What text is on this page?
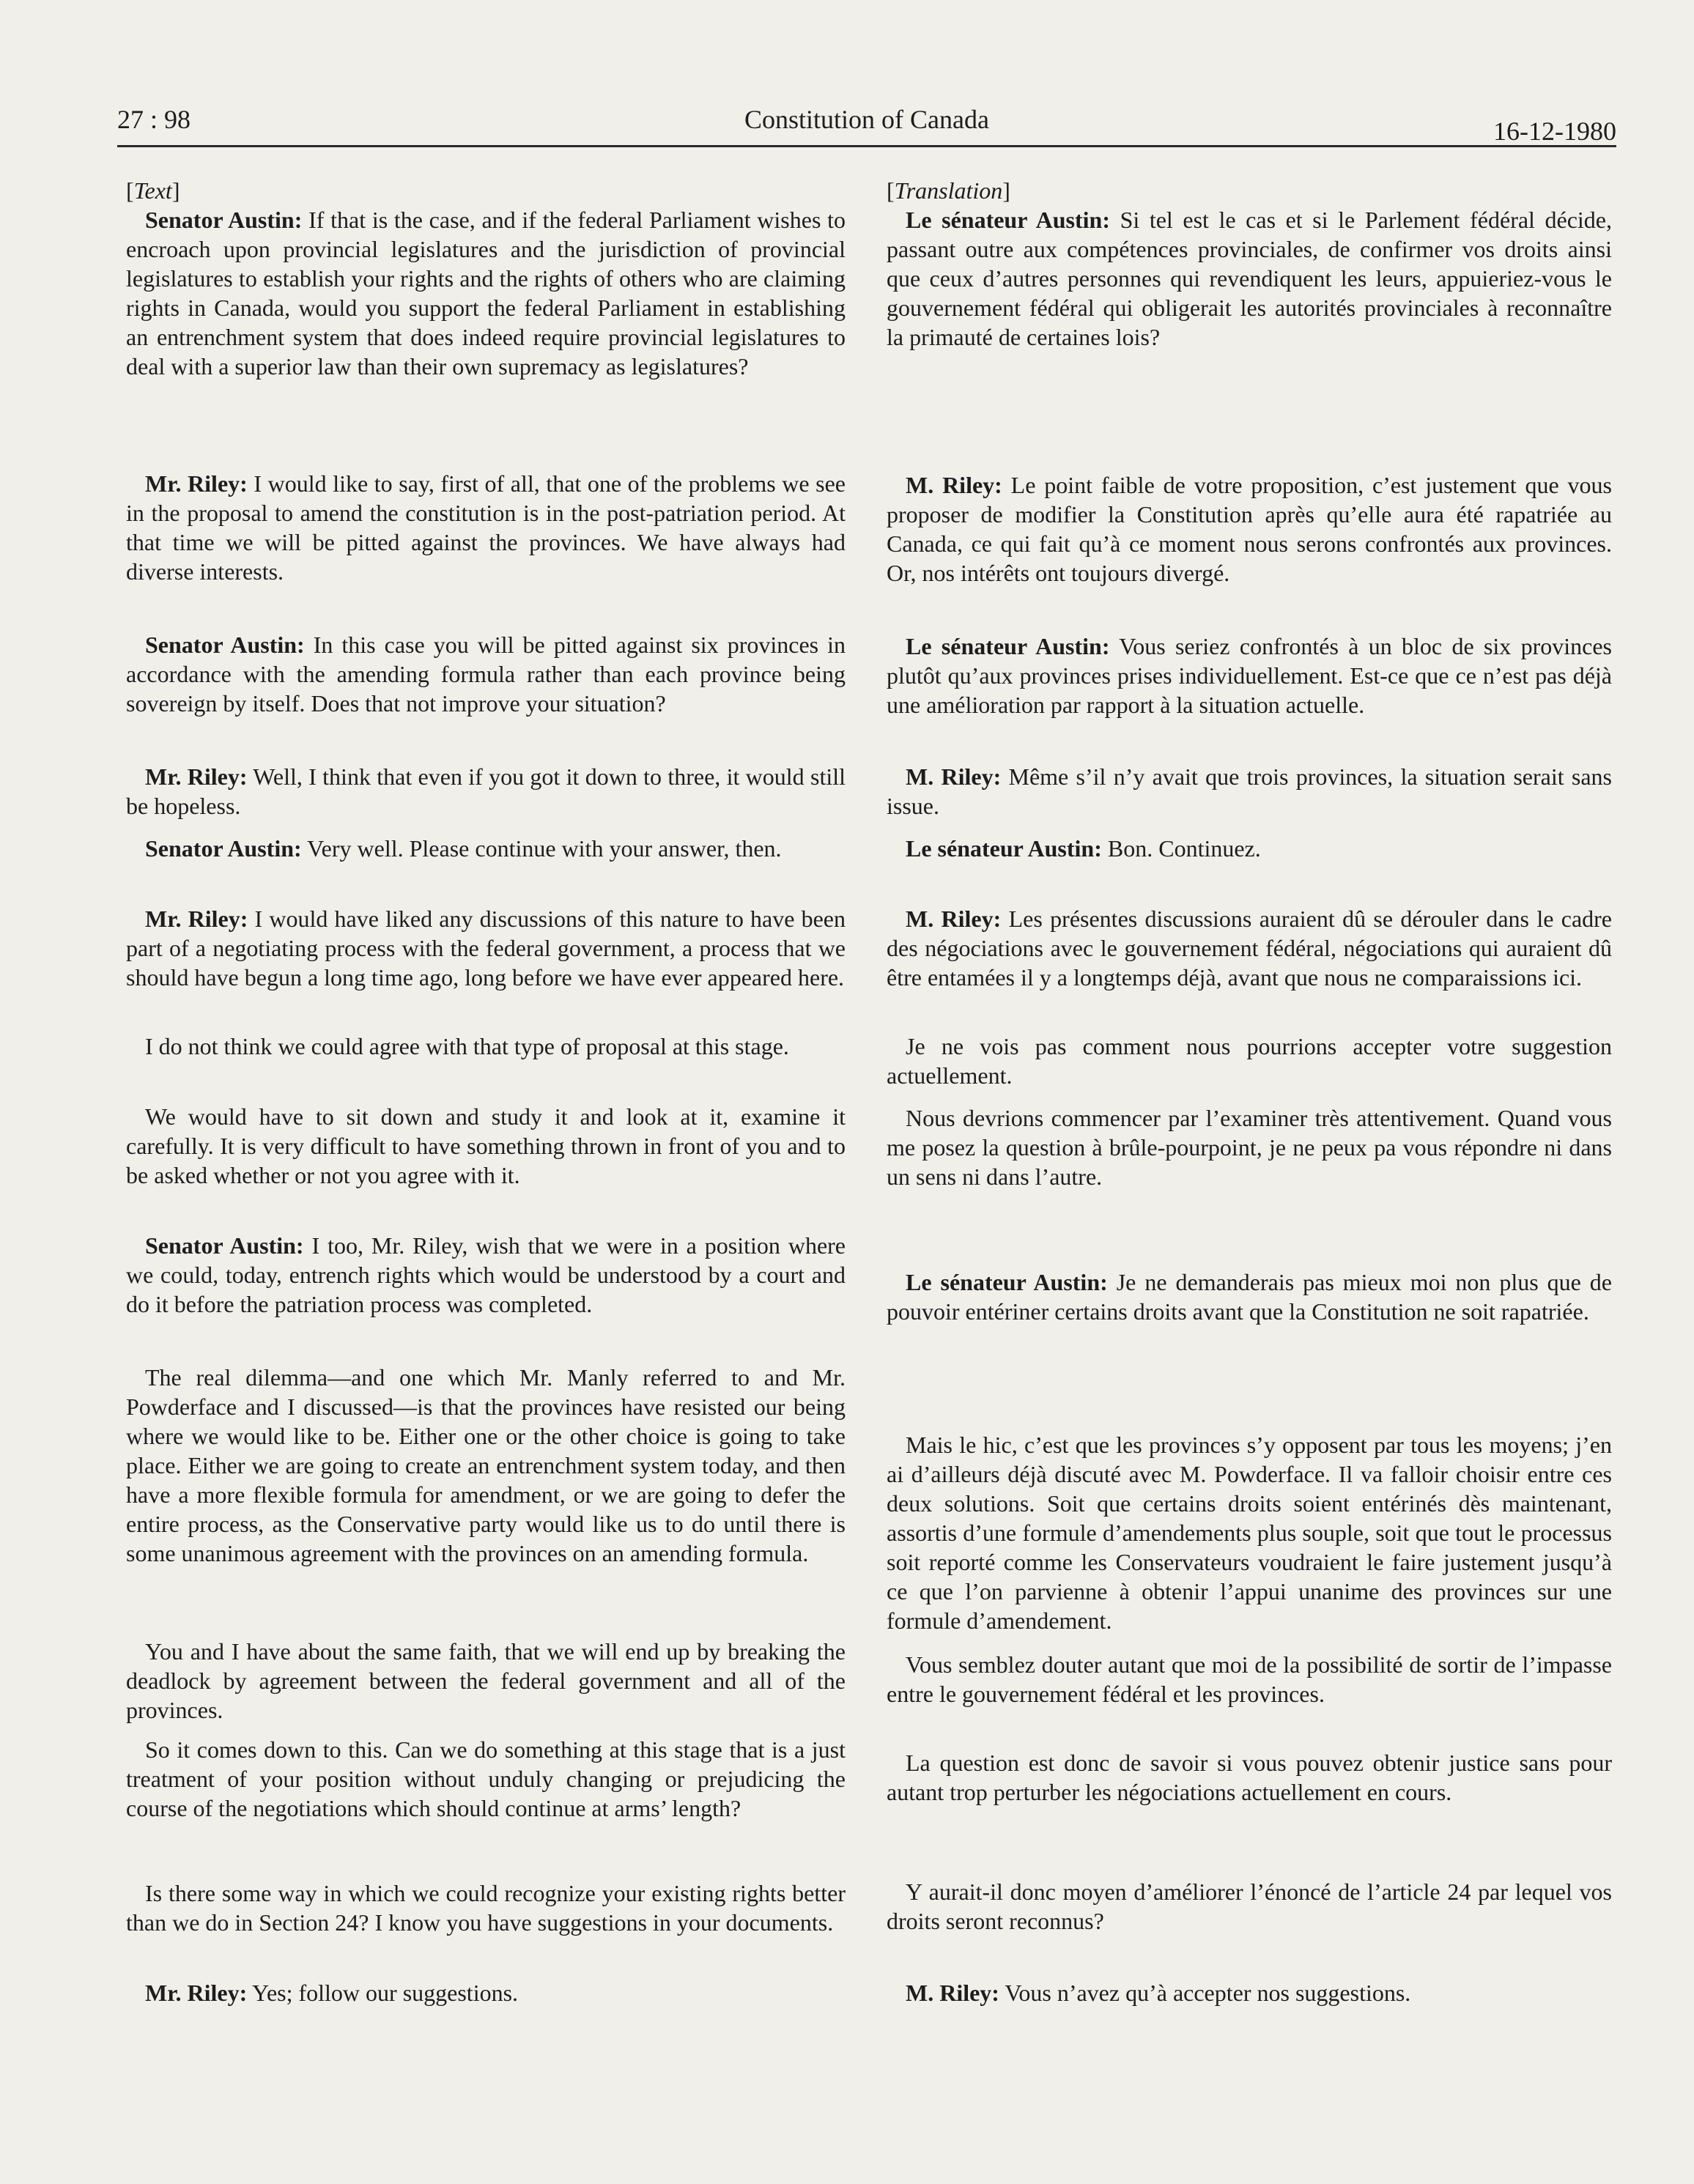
27 : 98	Constitution of Canada	16-12-1980

[Text]

Senator Austin: If that is the case, and if the federal Parliament wishes to encroach upon provincial legislatures and the jurisdiction of provincial legislatures to establish your rights and the rights of others who are claiming rights in Canada, would you support the federal Parliament in establishing an entrenchment system that does indeed require provincial legislatures to deal with a superior law than their own supremacy as legislatures?

Mr. Riley: I would like to say, first of all, that one of the problems we see in the proposal to amend the constitution is in the post-patriation period. At that time we will be pitted against the provinces. We have always had diverse interests.

Senator Austin: In this case you will be pitted against six provinces in accordance with the amending formula rather than each province being sovereign by itself. Does that not improve your situation?

Mr. Riley: Well, I think that even if you got it down to three, it would still be hopeless.

Senator Austin: Very well. Please continue with your answer, then.

Mr. Riley: I would have liked any discussions of this nature to have been part of a negotiating process with the federal government, a process that we should have begun a long time ago, long before we have ever appeared here.

I do not think we could agree with that type of proposal at this stage.

We would have to sit down and study it and look at it, examine it carefully. It is very difficult to have something thrown in front of you and to be asked whether or not you agree with it.

Senator Austin: I too, Mr. Riley, wish that we were in a position where we could, today, entrench rights which would be understood by a court and do it before the patriation process was completed.

The real dilemma—and one which Mr. Manly referred to and Mr. Powderface and I discussed—is that the provinces have resisted our being where we would like to be. Either one or the other choice is going to take place. Either we are going to create an entrenchment system today, and then have a more flexible formula for amendment, or we are going to defer the entire process, as the Conservative party would like us to do until there is some unanimous agreement with the provinces on an amending formula.

You and I have about the same faith, that we will end up by breaking the deadlock by agreement between the federal government and all of the provinces.

So it comes down to this. Can we do something at this stage that is a just treatment of your position without unduly changing or prejudicing the course of the negotiations which should continue at arms’ length?

Is there some way in which we could recognize your existing rights better than we do in Section 24? I know you have suggestions in your documents.

Mr. Riley: Yes; follow our suggestions.

[Translation]

Le sénateur Austin: Si tel est le cas et si le Parlement fédéral décide, passant outre aux compétences provinciales, de confirmer vos droits ainsi que ceux d’autres personnes qui revendiquent les leurs, appuieriez-vous le gouvernement fédéral qui obligerait les autorités provinciales à reconnaître la primauté de certaines lois?

M. Riley: Le point faible de votre proposition, c’est justement que vous proposer de modifier la Constitution après qu’elle aura été rapatriée au Canada, ce qui fait qu’à ce moment nous serons confrontés aux provinces. Or, nos intérêts ont toujours divergé.

Le sénateur Austin: Vous seriez confrontés à un bloc de six provinces plutôt qu’aux provinces prises individuellement. Est-ce que ce n’est pas déjà une amélioration par rapport à la situation actuelle.

M. Riley: Même s’il n’y avait que trois provinces, la situation serait sans issue.

Le sénateur Austin: Bon. Continuez.

M. Riley: Les présentes discussions auraient dû se dérouler dans le cadre des négociations avec le gouvernement fédéral, négociations qui auraient dû être entamées il y a longtemps déjà, avant que nous ne comparaissions ici.

Je ne vois pas comment nous pourrions accepter votre suggestion actuellement.

Nous devrions commencer par l’examiner très attentivement. Quand vous me posez la question à brûle-pourpoint, je ne peux pa vous répondre ni dans un sens ni dans l’autre.

Le sénateur Austin: Je ne demanderais pas mieux moi non plus que de pouvoir entériner certains droits avant que la Constitution ne soit rapatriée.

Mais le hic, c’est que les provinces s’y opposent par tous les moyens; j’en ai d’ailleurs déjà discuté avec M. Powderface. Il va falloir choisir entre ces deux solutions. Soit que certains droits soient entérinés dès maintenant, assortis d’une formule d’amendements plus souple, soit que tout le processus soit reporté comme les Conservateurs voudraient le faire justement jusqu’à ce que l’on parvienne à obtenir l’appui unanime des provinces sur une formule d’amendement.

Vous semblez douter autant que moi de la possibilité de sortir de l’impasse entre le gouvernement fédéral et les provinces.

La question est donc de savoir si vous pouvez obtenir justice sans pour autant trop perturber les négociations actuellement en cours.

Y aurait-il donc moyen d’améliorer l’énoncé de l’article 24 par lequel vos droits seront reconnus?

M. Riley: Vous n’avez qu’à accepter nos suggestions.
